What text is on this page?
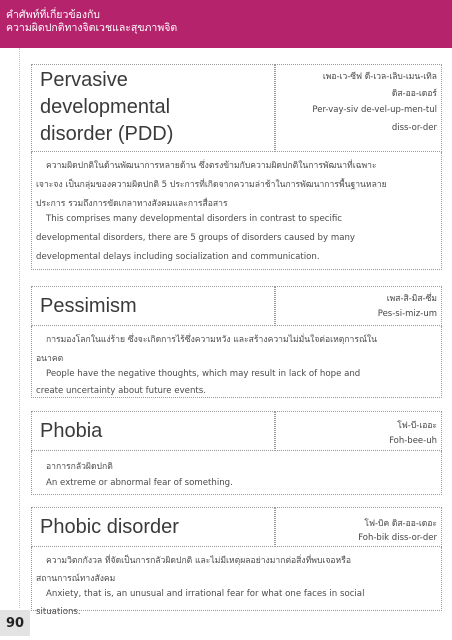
คำศัพท์ที่เกี่ยวข้องกับ
ความผิดปกติทางจิตเวชและสุขภาพจิต
90
Pervasive
developmental
disorder (PDD)
เพอ-เว-ซีฟ ดี-เวล-เลิบ-เมน-เทิล
ดิส-ออ-เดอร์
Per-vay-siv de-vel-up-men-tul
diss-or-der
ความผิดปกติในด้านพัฒนาการหลายด้าน ซึ่งตรงข้ามกับความผิดปกติในการพัฒนาที่เฉพาะ
เจาะจง เป็นกลุ่มของความผิดปกติ 5 ประการที่เกิดจากความล่าช้าในการพัฒนาการพื้นฐานหลาย
ประการ รวมถึงการขัดเกลาทางสังคมและการสื่อสาร
This comprises many developmental disorders in contrast to specific
developmental disorders, there are 5 groups of disorders caused by many
developmental delays including socialization and communication.
Pessimism	เพส-สิ-มิส-ซึ่ม
Pes-si-miz-um
การมองโลกในแง่ร้าย ซึ่งจะเกิดการไร้ซึ่งความหวัง และสร้างความไม่มั่นใจต่อเหตุการณ์ใน
อนาคต
People have the negative thoughts, which may result in lack of hope and
create uncertainty about future events.
Phobia	โฟ-บี-เออะ
Foh-bee-uh
อาการกลัวผิดปกติ
An extreme or abnormal fear of something.
Phobic disorder	โฟ-บิค ดิส-ออ-เดอะ
Foh-bik diss-or-der
ความวิตกกังวล ที่จัดเป็นการกลัวผิดปกติ และไม่มีเหตุผลอย่างมากต่อสิ่งที่พบเจอหรือ
สถานการณ์ทางสังคม
Anxiety, that is, an unusual and irrational fear for what one faces in social
situations.
